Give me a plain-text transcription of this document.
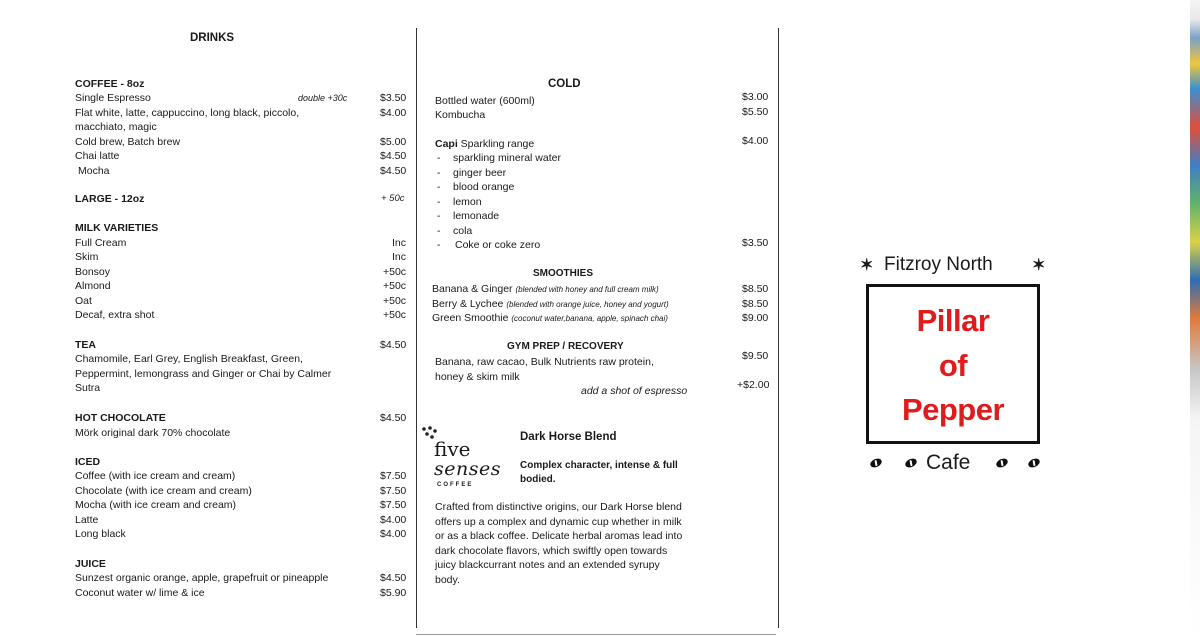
DRINKS
COFFEE - 8oz
Single Espresso	double +30c	$3.50
Flat white, latte, cappuccino, long black, piccolo,	$4.00
macchiato, magic
Cold brew, Batch brew	$5.00
Chai latte	$4.50
Mocha	$4.50
LARGE - 12oz	+ 50c
MILK VARIETIES
Full Cream	Inc
Skim	Inc
Bonsoy	+50c
Almond	+50c
Oat	+50c
Decaf, extra shot	+50c
TEA	$4.50
Chamomile, Earl Grey, English Breakfast, Green,
Peppermint, lemongrass and Ginger or Chai by Calmer
Sutra
HOT CHOCOLATE	$4.50
Mörk original dark 70% chocolate
ICED
Coffee (with ice cream and cream)	$7.50
Chocolate (with ice cream and cream)	$7.50
Mocha (with ice cream and cream)	$7.50
Latte	$4.00
Long black	$4.00
JUICE
Sunzest organic orange, apple, grapefruit or pineapple	$4.50
Coconut water w/ lime & ice	$5.90
COLD
Bottled water (600ml)	$3.00
Kombucha	$5.50
Capi Sparkling range	$4.00
- sparkling mineral water
- ginger beer
- blood orange
- lemon
- lemonade
- cola
- Coke or coke zero	$3.50
SMOOTHIES
Banana & Ginger (blended with honey and full cream milk)	$8.50
Berry & Lychee (blended with orange juice, honey and yogurt)	$8.50
Green Smoothie (coconut water,banana, apple, spinach chai)	$9.00
GYM PREP / RECOVERY
Banana, raw cacao, Bulk Nutrients raw protein,	$9.50
honey & skim milk
add a shot of espresso	+$2.00
five
senses
COFFEE
Dark Horse Blend
Complex character, intense & full
bodied.
Crafted from distinctive origins, our Dark Horse blend
offers up a complex and dynamic cup whether in milk
or as a black coffee. Delicate herbal aromas lead into
dark chocolate flavors, which swiftly open towards
juicy blackcurrant notes and an extended syrupy
body.
✶ Fitzroy North ✶
Pillar
of
Pepper
Cafe
